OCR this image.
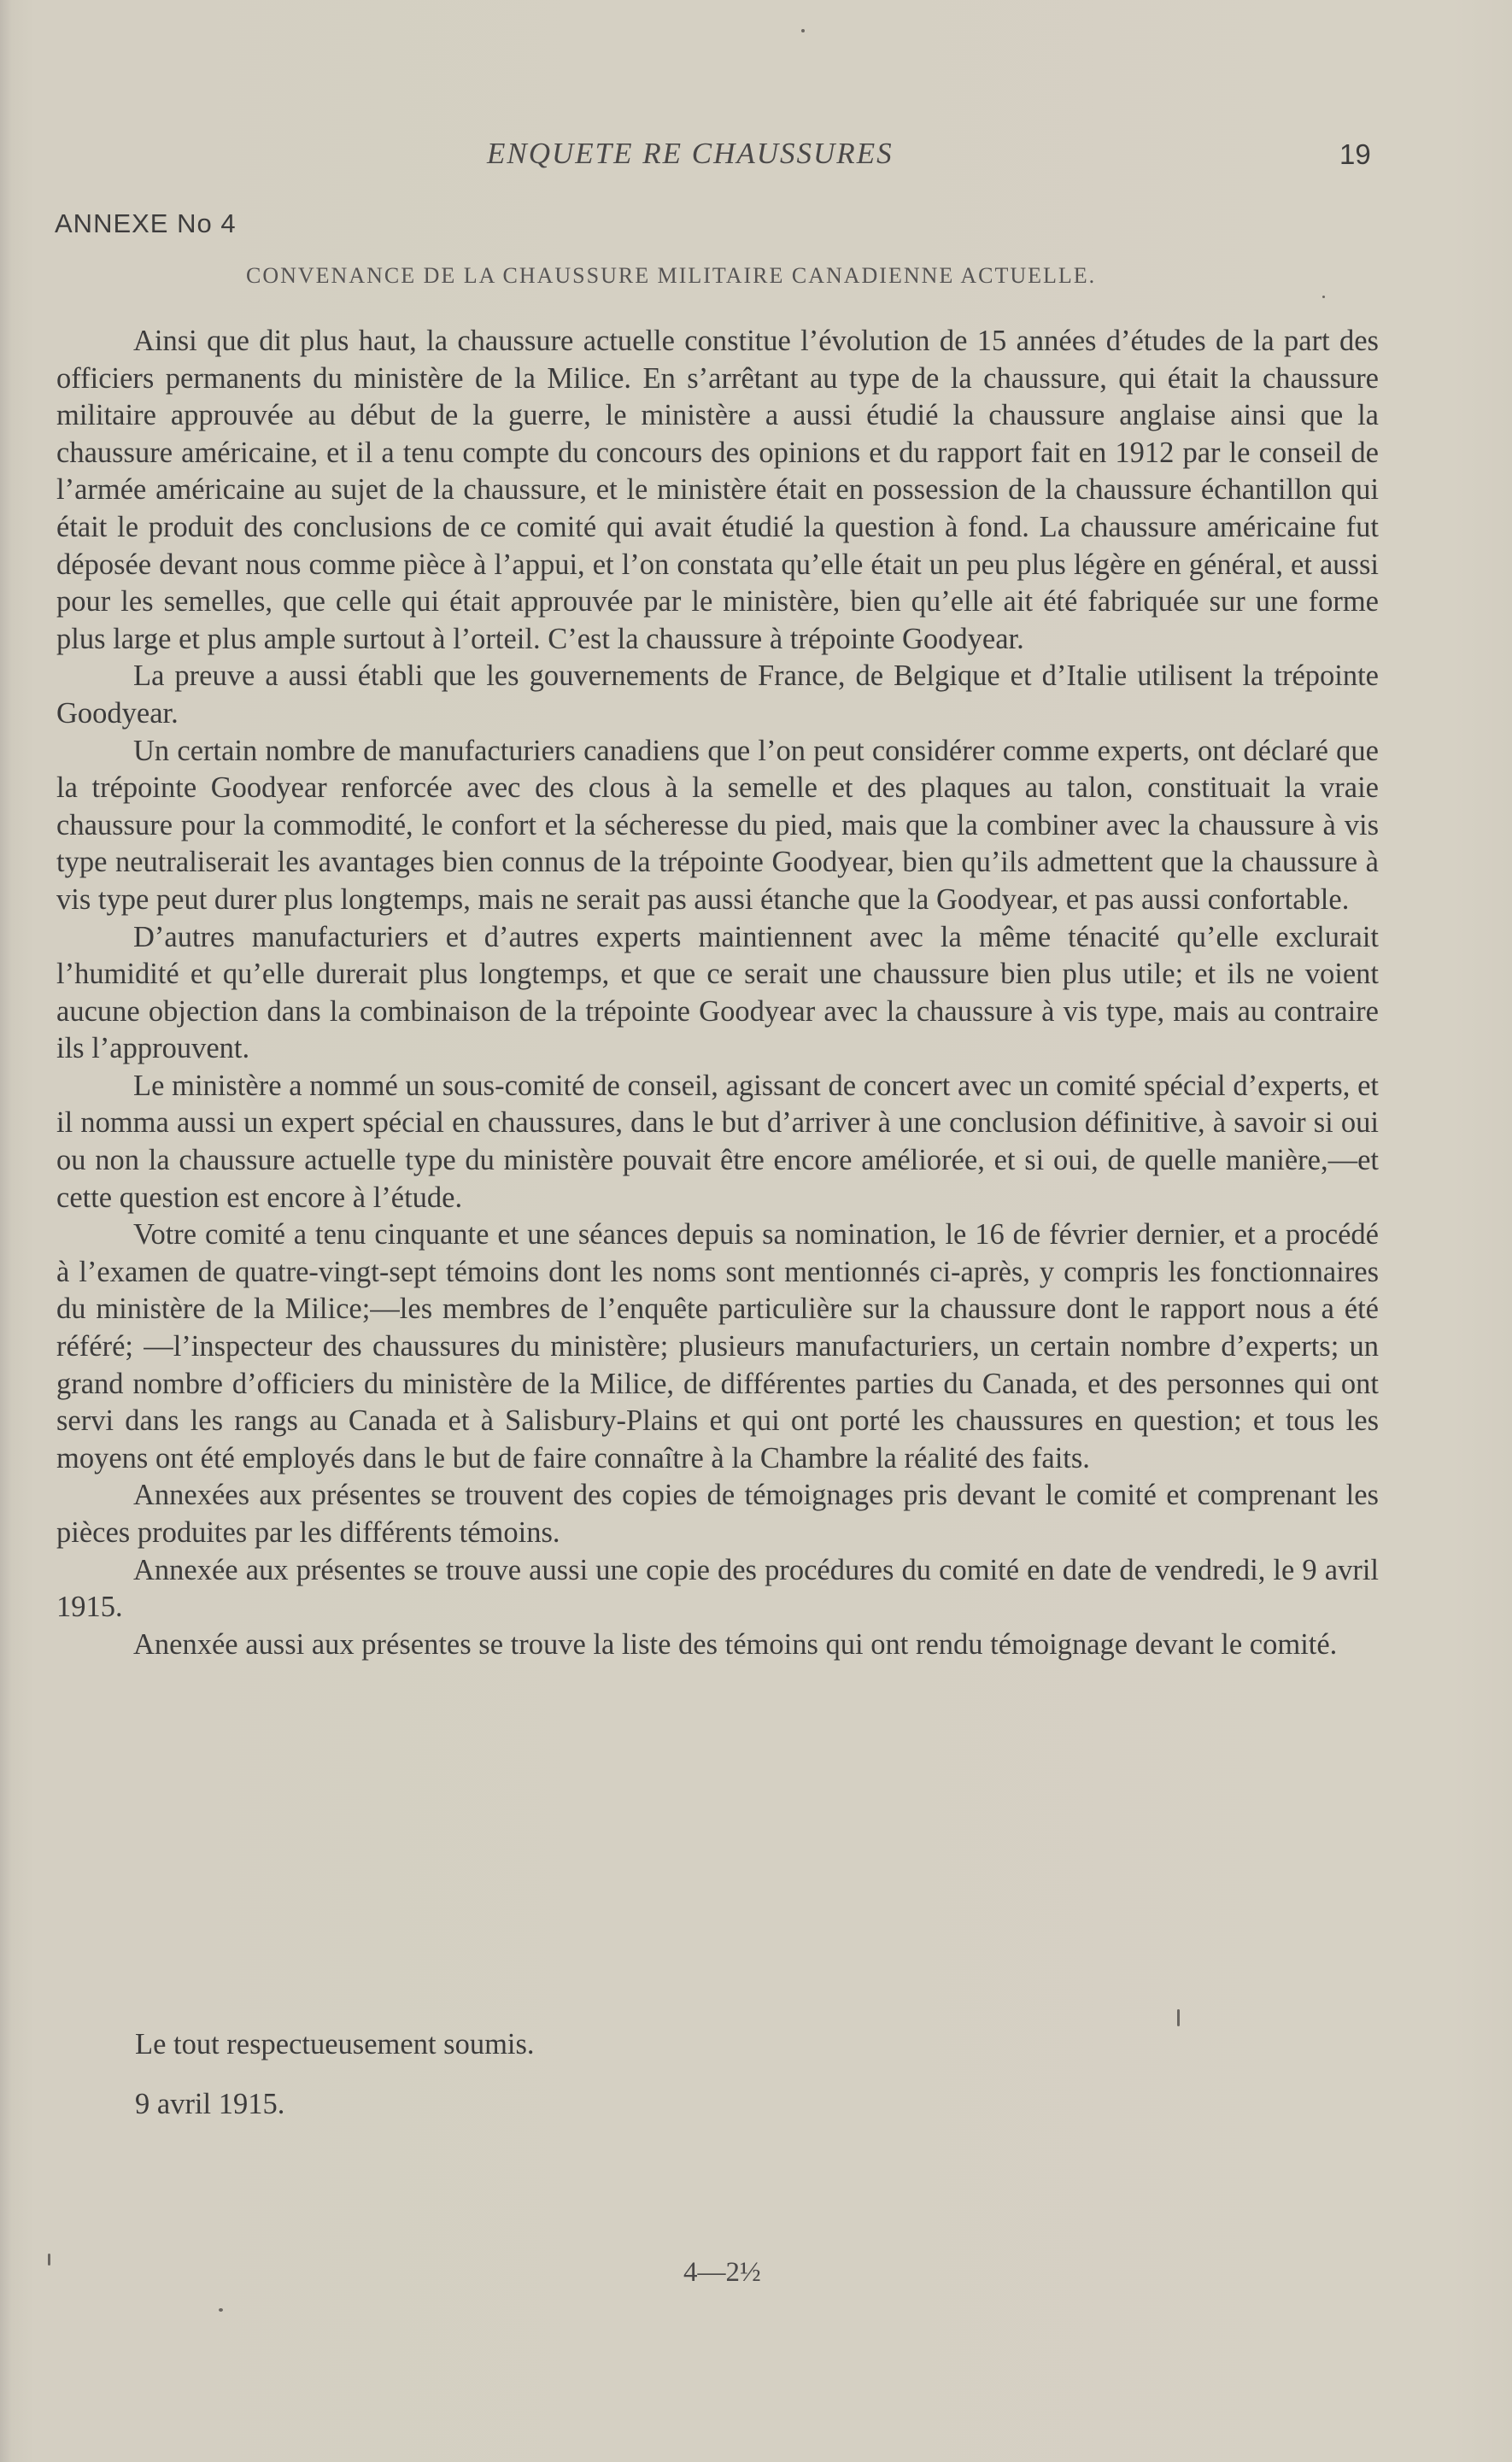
ENQUETE RE CHAUSSURES	19
ANNEXE No 4
CONVENANCE DE LA CHAUSSURE MILITAIRE CANADIENNE ACTUELLE.

Ainsi que dit plus haut, la chaussure actuelle constitue l’évolution de 15 années d’études de la part des officiers permanents du ministère de la Milice. En s’arrêtant au type de la chaussure, qui était la chaussure militaire approuvée au début de la guerre, le ministère a aussi étudié la chaussure anglaise ainsi que la chaussure américaine, et il a tenu compte du concours des opinions et du rapport fait en 1912 par le conseil de l’armée américaine au sujet de la chaussure, et le ministère était en possession de la chaussure échantillon qui était le produit des conclusions de ce comité qui avait étudié la question à fond. La chaussure américaine fut déposée devant nous comme pièce à l’appui, et l’on constata qu’elle était un peu plus légère en général, et aussi pour les semelles, que celle qui était approuvée par le ministère, bien qu’elle ait été fabriquée sur une forme plus large et plus ample surtout à l’orteil. C’est la chaussure à trépointe Goodyear.

La preuve a aussi établi que les gouvernements de France, de Belgique et d’Italie utilisent la trépointe Goodyear.

Un certain nombre de manufacturiers canadiens que l’on peut considérer comme experts, ont déclaré que la trépointe Goodyear renforcée avec des clous à la semelle et des plaques au talon, constituait la vraie chaussure pour la commodité, le confort et la sécheresse du pied, mais que la combiner avec la chaussure à vis type neutraliserait les avantages bien connus de la trépointe Goodyear, bien qu’ils admettent que la chaussure à vis type peut durer plus longtemps, mais ne serait pas aussi étanche que la Goodyear, et pas aussi confortable.

D’autres manufacturiers et d’autres experts maintiennent avec la même ténacité qu’elle exclurait l’humidité et qu’elle durerait plus longtemps, et que ce serait une chaussure bien plus utile; et ils ne voient aucune objection dans la combinaison de la trépointe Goodyear avec la chaussure à vis type, mais au contraire ils l’approuvent.

Le ministère a nommé un sous-comité de conseil, agissant de concert avec un comité spécial d’experts, et il nomma aussi un expert spécial en chaussures, dans le but d’arriver à une conclusion définitive, à savoir si oui ou non la chaussure actuelle type du ministère pouvait être encore améliorée, et si oui, de quelle manière,—et cette question est encore à l’étude.

Votre comité a tenu cinquante et une séances depuis sa nomination, le 16 de février dernier, et a procédé à l’examen de quatre-vingt-sept témoins dont les noms sont mentionnés ci-après, y compris les fonctionnaires du ministère de la Milice;—les membres de l’enquête particulière sur la chaussure dont le rapport nous a été référé; —l’inspecteur des chaussures du ministère; plusieurs manufacturiers, un certain nombre d’experts; un grand nombre d’officiers du ministère de la Milice, de différentes parties du Canada, et des personnes qui ont servi dans les rangs au Canada et à Salisbury-Plains et qui ont porté les chaussures en question; et tous les moyens ont été employés dans le but de faire connaître à la Chambre la réalité des faits.

Annexées aux présentes se trouvent des copies de témoignages pris devant le comité et comprenant les pièces produites par les différents témoins.

Annexée aux présentes se trouve aussi une copie des procédures du comité en date de vendredi, le 9 avril 1915.

Anenxée aussi aux présentes se trouve la liste des témoins qui ont rendu témoignage devant le comité.

Le tout respectueusement soumis.
9 avril 1915.
4—2½
